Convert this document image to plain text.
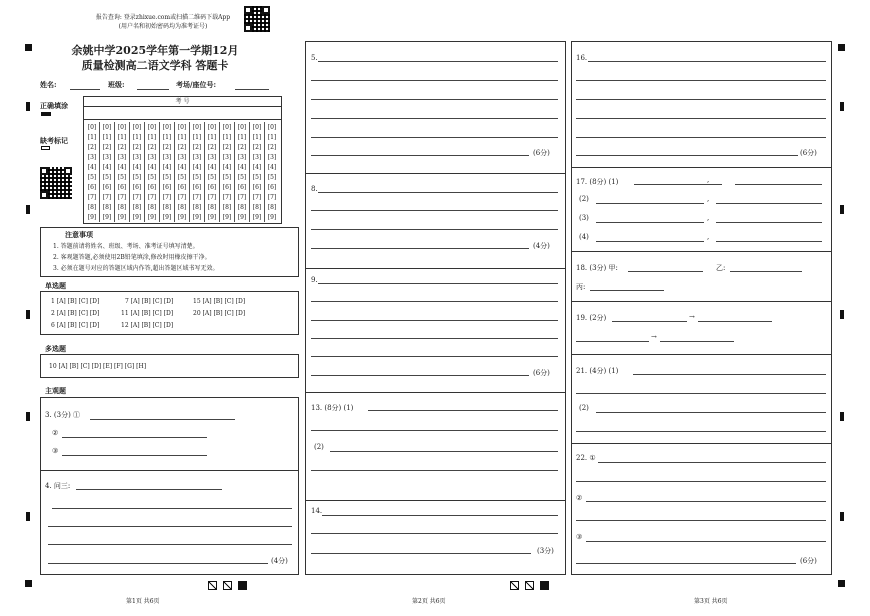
报告查询: 登录zhixue.com或扫描二维码下载App
(用户名和初始密码均为准考证号)
余姚中学2025学年第一学期12月
质量检测高二语文学科 答题卡
姓名:	班级:	考场/座位号:
正确填涂
缺考标记
考 号
[0]	[0]	[0]	[0]	[0]	[0]	[0]	[0]	[0]	[0]	[0]	[0]	[0]
[1]	[1]	[1]	[1]	[1]	[1]	[1]	[1]	[1]	[1]	[1]	[1]	[1]
[2]	[2]	[2]	[2]	[2]	[2]	[2]	[2]	[2]	[2]	[2]	[2]	[2]
[3]	[3]	[3]	[3]	[3]	[3]	[3]	[3]	[3]	[3]	[3]	[3]	[3]
[4]	[4]	[4]	[4]	[4]	[4]	[4]	[4]	[4]	[4]	[4]	[4]	[4]
[5]	[5]	[5]	[5]	[5]	[5]	[5]	[5]	[5]	[5]	[5]	[5]	[5]
[6]	[6]	[6]	[6]	[6]	[6]	[6]	[6]	[6]	[6]	[6]	[6]	[6]
[7]	[7]	[7]	[7]	[7]	[7]	[7]	[7]	[7]	[7]	[7]	[7]	[7]
[8]	[8]	[8]	[8]	[8]	[8]	[8]	[8]	[8]	[8]	[8]	[8]	[8]
[9]	[9]	[9]	[9]	[9]	[9]	[9]	[9]	[9]	[9]	[9]	[9]	[9]
注意事项
1. 答题前请将姓名、班级、考场、准考证号填写清楚。
2. 客观题答题,必须使用2B铅笔填涂,修改时用橡皮擦干净。
3. 必须在题号对应的答题区域内作答,超出答题区域书写无效。
单选题
1 [A] [B] [C] [D]	7 [A] [B] [C] [D]	15 [A] [B] [C] [D]
2 [A] [B] [C] [D]	11 [A] [B] [C] [D]	20 [A] [B] [C] [D]
6 [A] [B] [C] [D]	12 [A] [B] [C] [D]
多选题
10 [A] [B] [C] [D] [E] [F] [G] [H]
主观题
3. (3分) ①
②
③
4. 问三:
(4分)
5.
(6分)
8.
(4分)
9.
(6分)
13. (8分) (1)
(2)
14.
(3分)
16.
(6分)
17. (8分) (1)	,
(2)	,
(3)	,
(4)	,
18. (3分) 甲:	乙:
丙:
19. (2分)	→
→
21. (4分) (1)
(2)
22. ①
②
③
(6分)
第1页 共6页	第2页 共6页	第3页 共6页
